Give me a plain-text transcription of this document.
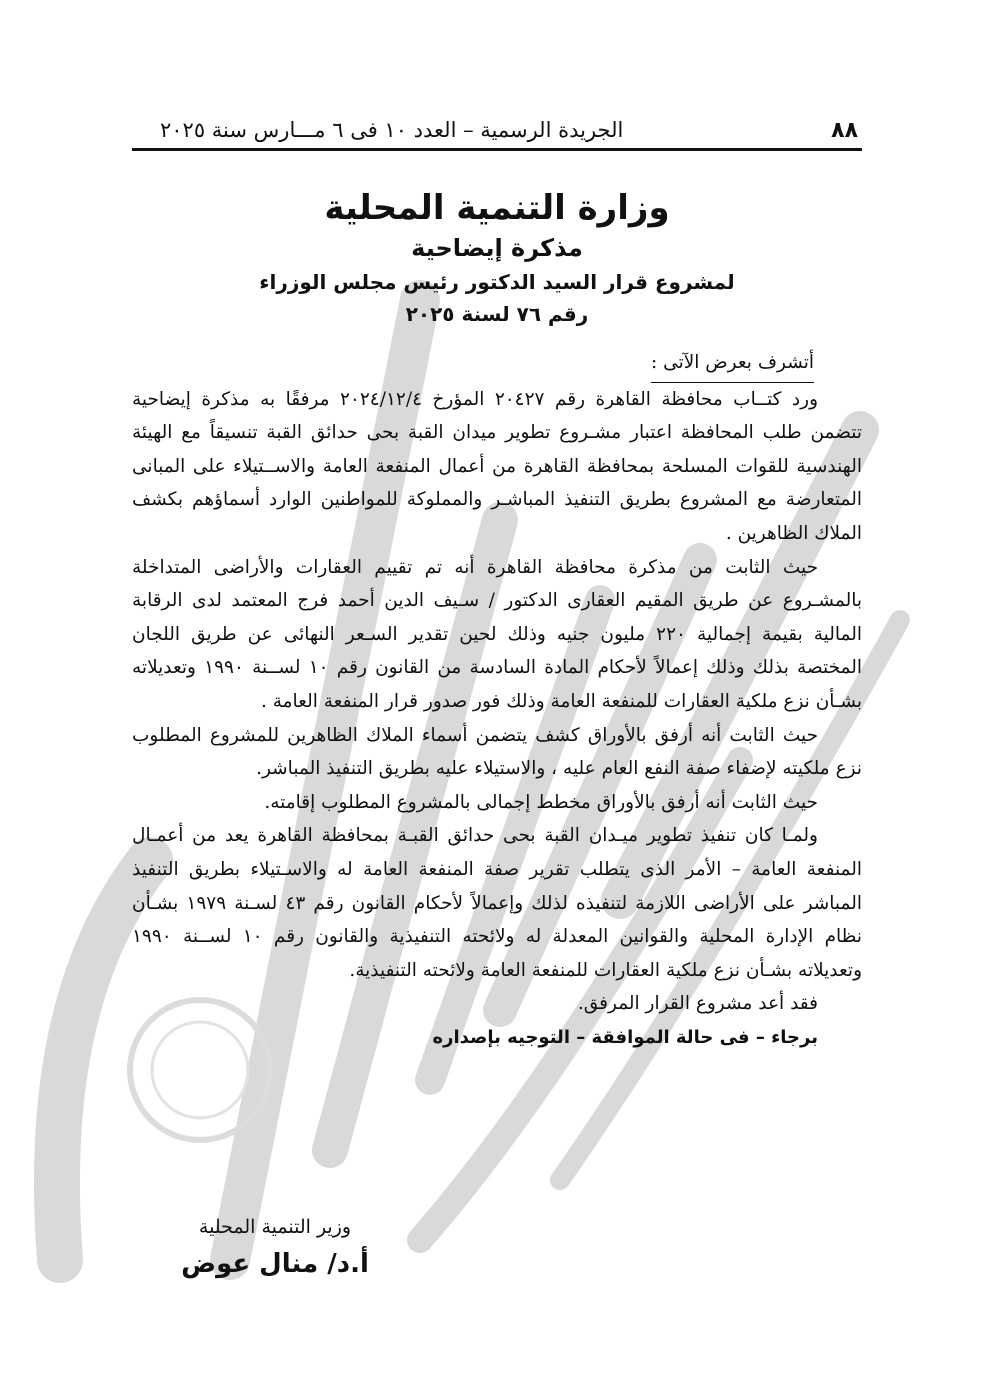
٨٨
الجريدة الرسمية – العدد ١٠ فى ٦ مـــارس سنة ٢٠٢٥

وزارة التنمية المحلية

مذكرة إيضاحية

لمشروع قرار السيد الدكتور رئيس مجلس الوزراء

رقم ٧٦ لسنة ٢٠٢٥

أتشرف بعرض الآتى :

ورد كتــاب محافظة القاهرة رقم ٢٠٤٢٧ المؤرخ ٢٠٢٤/١٢/٤ مرفقًا به مذكرة إيضاحية تتضمن طلب المحافظة اعتبار مشـروع تطوير ميدان القبة بحى حدائق القبة تنسيقاً مع الهيئة الهندسية للقوات المسلحة بمحافظة القاهرة من أعمال المنفعة العامة والاســتيلاء على المبانى المتعارضة مع المشروع بطريق التنفيذ المباشـر والمملوكة للمواطنين الوارد أسماؤهم بكشف الملاك الظاهرين .

حيث الثابت من مذكرة محافظة القاهرة أنه تم تقييم العقارات والأراضى المتداخلة بالمشـروع عن طريق المقيم العقارى الدكتور / سـيف الدين أحمد فرج المعتمد لدى الرقابة المالية بقيمة إجمالية ٢٢٠ مليون جنيه وذلك لحين تقدير السـعر النهائى عن طريق اللجان المختصة بذلك وذلك إعمالاً لأحكام المادة السادسة من القانون رقم ١٠ لســنة ١٩٩٠ وتعديلاته بشـأن نزع ملكية العقارات للمنفعة العامة وذلك فور صدور قرار المنفعة العامة .

حيث الثابت أنه أرفق بالأوراق كشف يتضمن أسماء الملاك الظاهرين للمشروع المطلوب نزع ملكيته لإضفاء صفة النفع العام عليه ، والاستيلاء عليه بطريق التنفيذ المباشر.

حيث الثابت أنه أرفق بالأوراق مخطط إجمالى بالمشروع المطلوب إقامته.

ولمـا كان تنفيذ تطوير ميـدان القبة بحى حدائق القبـة بمحافظة القاهرة يعد من أعمـال المنفعة العامة – الأمر الذى يتطلب تقرير صفة المنفعة العامة له والاسـتيلاء بطريق التنفيذ المباشر على الأراضى اللازمة لتنفيذه لذلك وإعمالاً لأحكام القانون رقم ٤٣ لسـنة ١٩٧٩ بشـأن نظام الإدارة المحلية والقوانين المعدلة له ولائحته التنفيذية والقانون رقم ١٠ لســنة ١٩٩٠ وتعديلاته بشـأن نزع ملكية العقارات للمنفعة العامة ولائحته التنفيذية.

فقد أعد مشروع القرار المرفق.
برجاء – فى حالة الموافقة – التوجيه بإصداره
وزير التنمية المحلية
أ.د/ منال عوض
